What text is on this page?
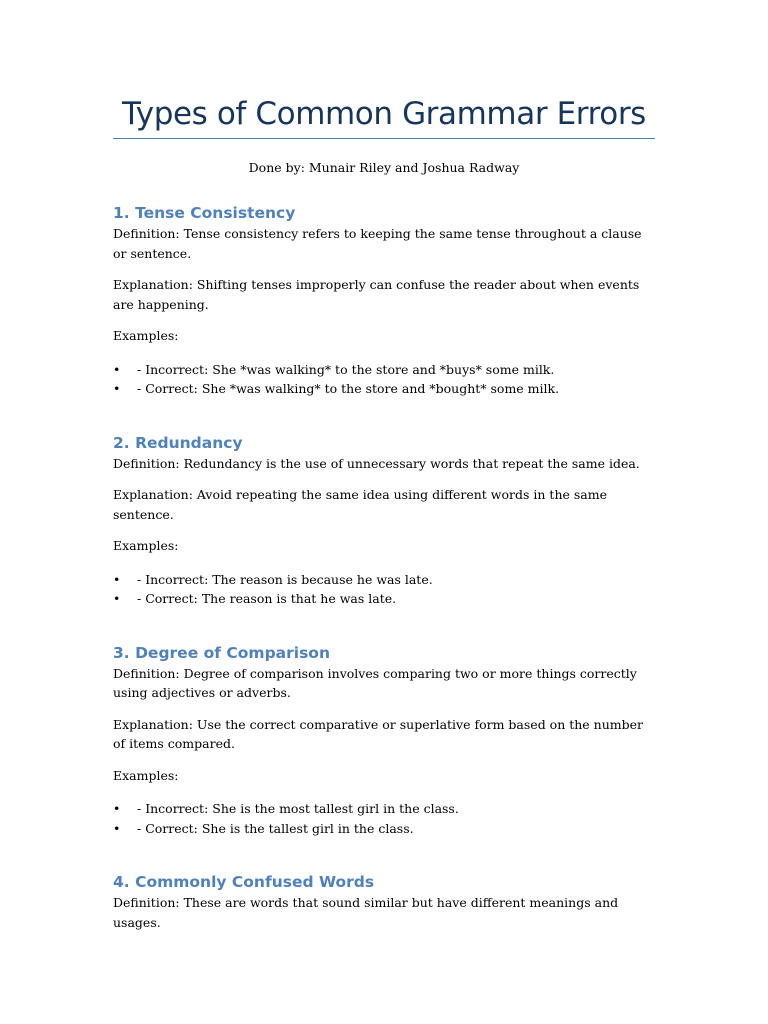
Types of Common Grammar Errors

Done by: Munair Riley and Joshua Radway

1. Tense Consistency

Definition: Tense consistency refers to keeping the same tense throughout a clause or sentence.

Explanation: Shifting tenses improperly can confuse the reader about when events are happening.

Examples:

• - Incorrect: She *was walking* to the store and *buys* some milk.
• - Correct: She *was walking* to the store and *bought* some milk.
2. Redundancy

Definition: Redundancy is the use of unnecessary words that repeat the same idea.

Explanation: Avoid repeating the same idea using different words in the same sentence.

Examples:

• - Incorrect: The reason is because he was late.
• - Correct: The reason is that he was late.
3. Degree of Comparison

Definition: Degree of comparison involves comparing two or more things correctly using adjectives or adverbs.

Explanation: Use the correct comparative or superlative form based on the number of items compared.

Examples:

• - Incorrect: She is the most tallest girl in the class.
• - Correct: She is the tallest girl in the class.
4. Commonly Confused Words

Definition: These are words that sound similar but have different meanings and usages.
